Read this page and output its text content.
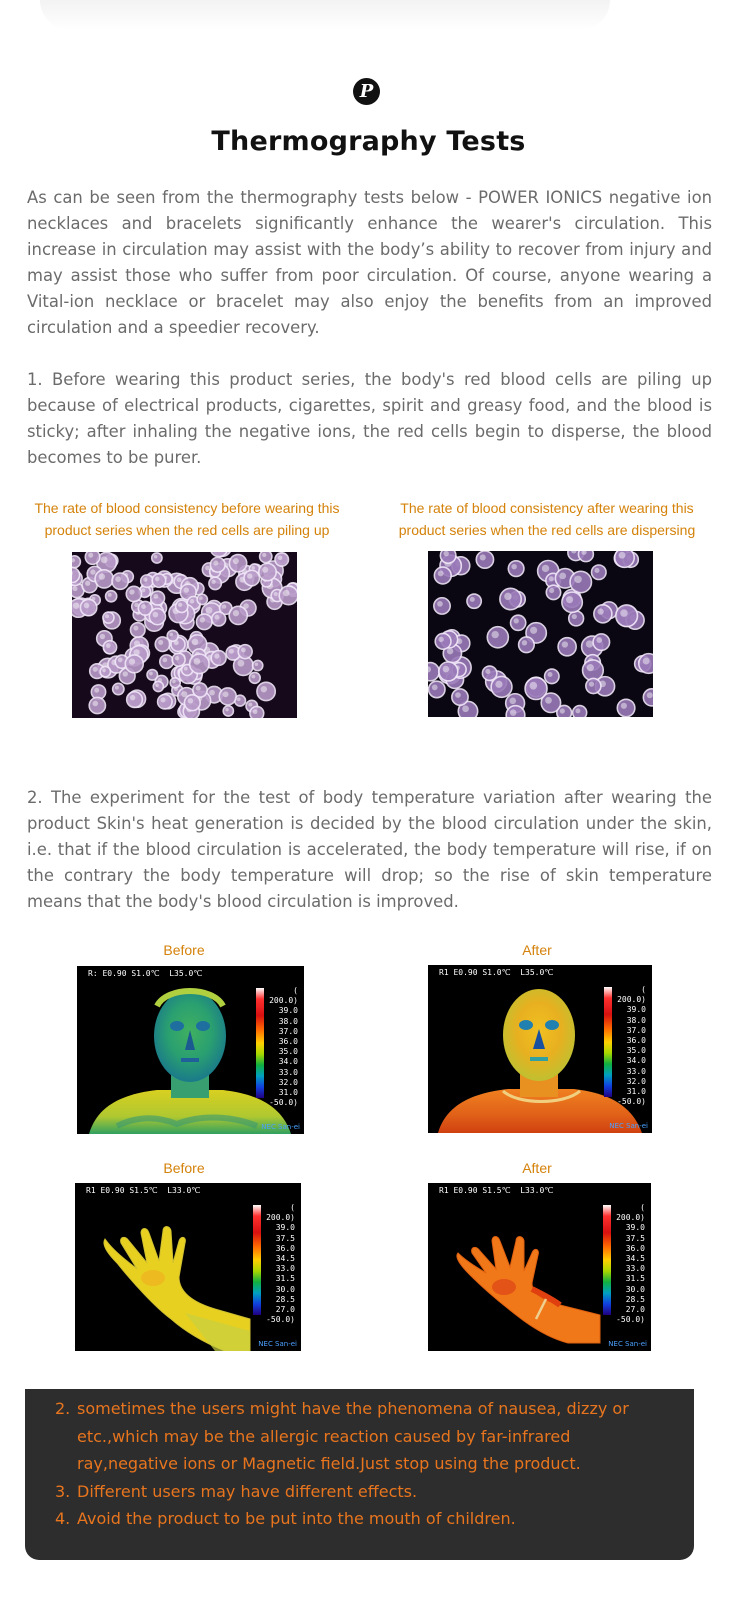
P
Thermography Tests

As can be seen from the thermography tests below - POWER IONICS negative ion necklaces and bracelets significantly enhance the wearer's circulation. This increase in circulation may assist with the body’s ability to recover from injury and may assist those who suffer from poor circulation. Of course, anyone wearing a Vital-ion necklace or bracelet may also enjoy the benefits from an improved circulation and a speedier recovery.

1. Before wearing this product series, the body's red blood cells are piling up because of electrical products, cigarettes, spirit and greasy food, and the blood is sticky; after inhaling the negative ions, the red cells begin to disperse, the blood becomes to be purer.

The rate of blood consistency before wearing this product series when the red cells are piling up
The rate of blood consistency after wearing this product series when the red cells are dispersing

2. The experiment for the test of body temperature variation after wearing the product Skin's heat generation is decided by the blood circulation under the skin, i.e. that if the blood circulation is accelerated, the body temperature will rise, if on the contrary the body temperature will drop; so the rise of skin temperature means that the body's blood circulation is improved.

Before	After
Before	After
R: E0.90 S1.0℃  L35.0℃
( 200.0)
39.0
38.0
37.0
36.0
35.0
34.0
33.0
32.0
31.0
-50.0)
NEC San-ei
R1 E0.90 S1.0℃  L35.0℃
( 200.0)
39.0
38.0
37.0
36.0
35.0
34.0
33.0
32.0
31.0
-50.0)
NEC San-ei
R1 E0.90 S1.5℃  L33.0℃
( 200.0)
39.0
37.5
36.0
34.5
33.0
31.5
30.0
28.5
27.0
-50.0)
NEC San-ei
R1 E0.90 S1.5℃  L33.0℃
( 200.0)
39.0
37.5
36.0
34.5
33.0
31.5
30.0
28.5
27.0
-50.0)
NEC San-ei
2. sometimes the users might have the phenomena of nausea, dizzy or etc.,which may be the allergic reaction caused by far-infrared ray,negative ions or Magnetic field.Just stop using the product.
3. Different users may have different effects.
4. Avoid the product to be put into the mouth of children.
